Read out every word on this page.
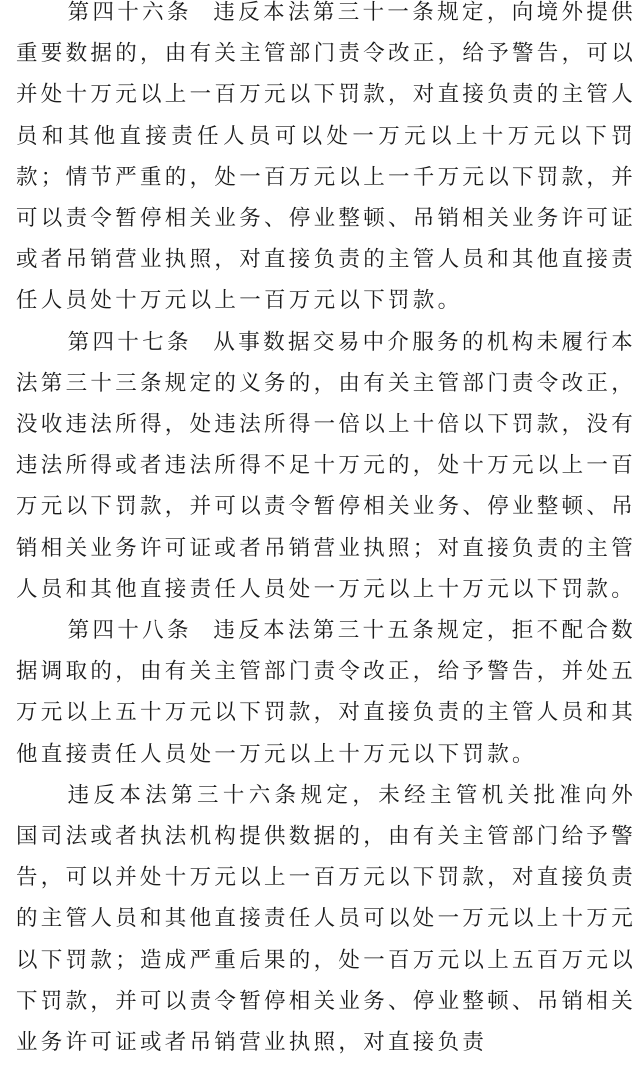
第四十六条 违反本法第三十一条规定，向境外提供重要数据的，由有关主管部门责令改正，给予警告，可以并处十万元以上一百万元以下罚款，对直接负责的主管人员和其他直接责任人员可以处一万元以上十万元以下罚款；情节严重的，处一百万元以上一千万元以下罚款，并可以责令暂停相关业务、停业整顿、吊销相关业务许可证或者吊销营业执照，对直接负责的主管人员和其他直接责任人员处十万元以上一百万元以下罚款。

第四十七条 从事数据交易中介服务的机构未履行本法第三十三条规定的义务的，由有关主管部门责令改正，没收违法所得，处违法所得一倍以上十倍以下罚款，没有违法所得或者违法所得不足十万元的，处十万元以上一百万元以下罚款，并可以责令暂停相关业务、停业整顿、吊销相关业务许可证或者吊销营业执照；对直接负责的主管人员和其他直接责任人员处一万元以上十万元以下罚款。

第四十八条 违反本法第三十五条规定，拒不配合数据调取的，由有关主管部门责令改正，给予警告，并处五万元以上五十万元以下罚款，对直接负责的主管人员和其他直接责任人员处一万元以上十万元以下罚款。

违反本法第三十六条规定，未经主管机关批准向外国司法或者执法机构提供数据的，由有关主管部门给予警告，可以并处十万元以上一百万元以下罚款，对直接负责的主管人员和其他直接责任人员可以处一万元以上十万元以下罚款；造成严重后果的，处一百万元以上五百万元以下罚款，并可以责令暂停相关业务、停业整顿、吊销相关业务许可证或者吊销营业执照，对直接负责
